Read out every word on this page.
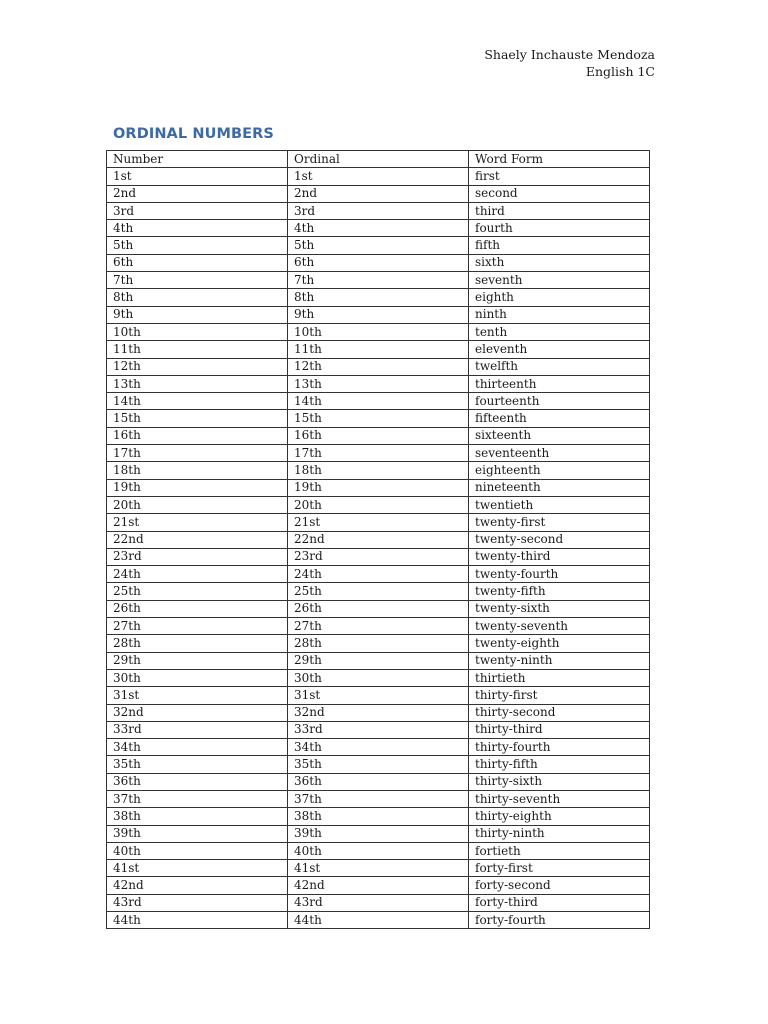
Shaely Inchauste Mendoza
English 1C
ORDINAL NUMBERS
Number	Ordinal	Word Form
1st	1st	first
2nd	2nd	second
3rd	3rd	third
4th	4th	fourth
5th	5th	fifth
6th	6th	sixth
7th	7th	seventh
8th	8th	eighth
9th	9th	ninth
10th	10th	tenth
11th	11th	eleventh
12th	12th	twelfth
13th	13th	thirteenth
14th	14th	fourteenth
15th	15th	fifteenth
16th	16th	sixteenth
17th	17th	seventeenth
18th	18th	eighteenth
19th	19th	nineteenth
20th	20th	twentieth
21st	21st	twenty-first
22nd	22nd	twenty-second
23rd	23rd	twenty-third
24th	24th	twenty-fourth
25th	25th	twenty-fifth
26th	26th	twenty-sixth
27th	27th	twenty-seventh
28th	28th	twenty-eighth
29th	29th	twenty-ninth
30th	30th	thirtieth
31st	31st	thirty-first
32nd	32nd	thirty-second
33rd	33rd	thirty-third
34th	34th	thirty-fourth
35th	35th	thirty-fifth
36th	36th	thirty-sixth
37th	37th	thirty-seventh
38th	38th	thirty-eighth
39th	39th	thirty-ninth
40th	40th	fortieth
41st	41st	forty-first
42nd	42nd	forty-second
43rd	43rd	forty-third
44th	44th	forty-fourth
